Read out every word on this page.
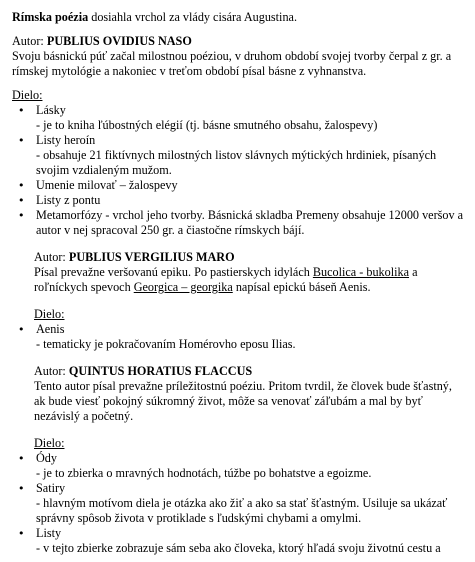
Rímska poézia dosiahla vrchol za vlády cisára Augustina.

Autor: PUBLIUS OVIDIUS NASO

Svoju básnickú púť začal milostnou poéziou, v druhom období svojej tvorby čerpal z gr. a rímskej mytológie a nakoniec v treťom období písal básne z vyhnanstva.

Dielo:

• Lásky
- je to kniha ľúbostných elégií (tj. básne smutného obsahu, žalospevy)
• Listy heroín
- obsahuje 21 fiktívnych milostných listov slávnych mýtických hrdiniek, písaných svojim vzdialeným mužom.
• Umenie milovať – žalospevy
• Listy z pontu
• Metamorfózy - vrchol jeho tvorby. Básnická skladba Premeny obsahuje 12000 veršov a autor v nej spracoval 250 gr. a čiastočne rímskych bájí.

Autor: PUBLIUS VERGILIUS MARO

Písal prevažne veršovanú epiku. Po pastierskych idylách Bucolica - bukolika a roľníckych spevoch Georgica – georgika napísal epickú báseň Aenis.

Dielo:

• Aenis
- tematicky je pokračovaním Homérovho eposu Ilias.

Autor: QUINTUS HORATIUS FLACCUS

Tento autor písal prevažne príležitostnú poéziu. Pritom tvrdil, že človek bude šťastný, ak bude viesť pokojný súkromný život, môže sa venovať záľubám a mal by byť nezávislý a početný.

Dielo:

• Ódy
- je to zbierka o mravných hodnotách, túžbe po bohatstve a egoizme.
• Satiry
- hlavným motívom diela je otázka ako žiť a ako sa stať šťastným. Usiluje sa ukázať správny spôsob života v protiklade s ľudskými chybami a omylmi.
• Listy
- v tejto zbierke zobrazuje sám seba ako človeka, ktorý hľadá svoju životnú cestu a
